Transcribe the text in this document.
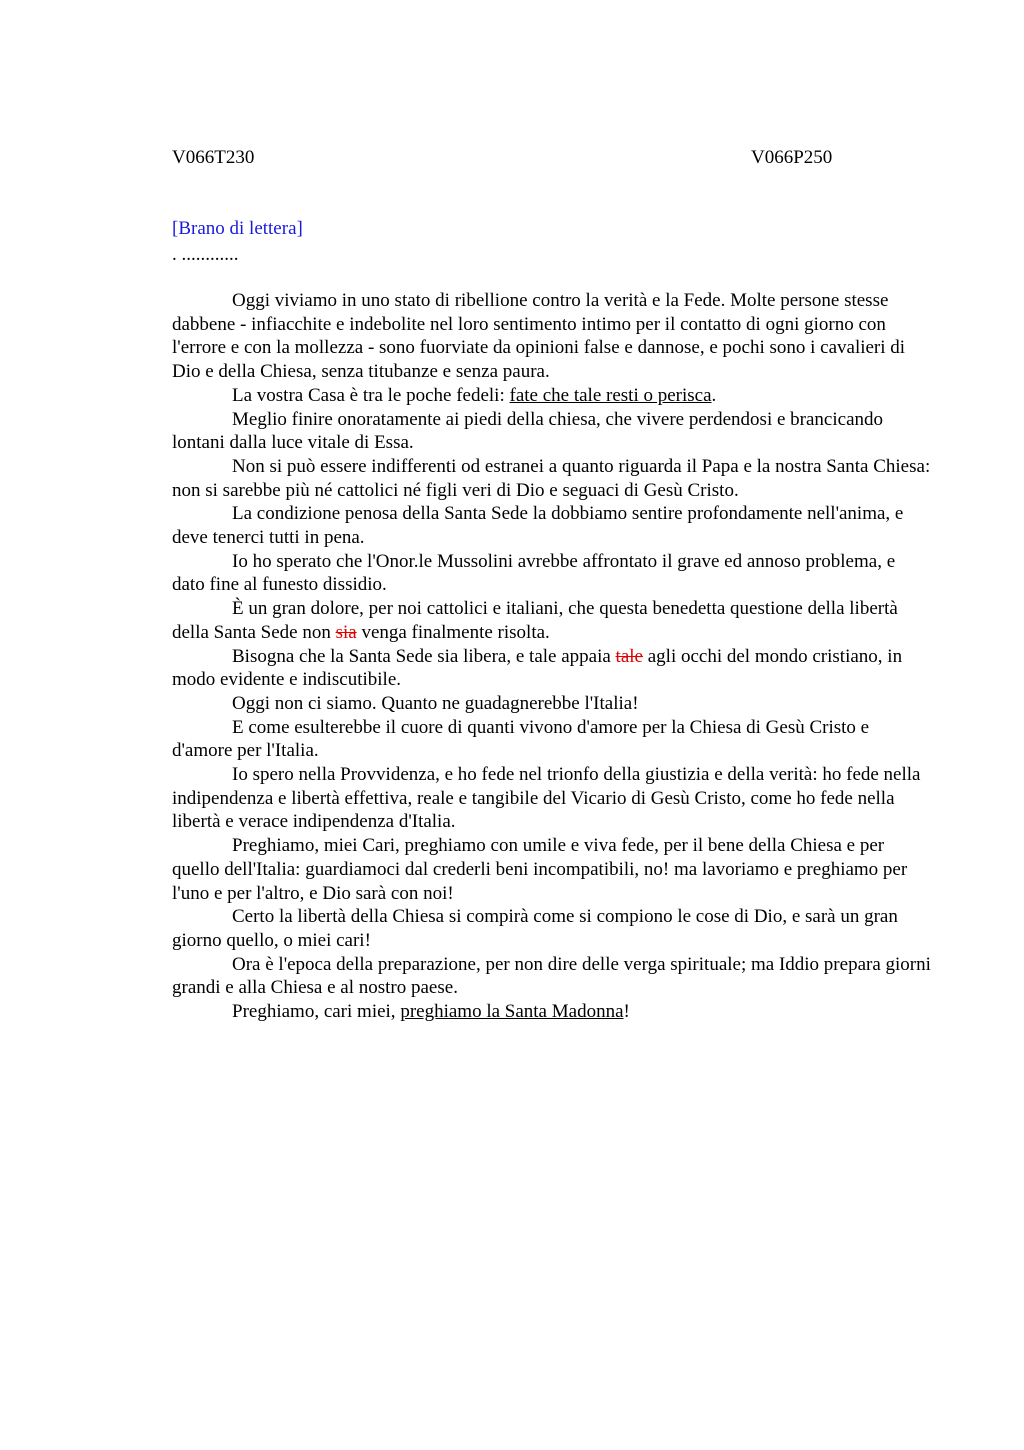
V066T230	V066P250
[Brano di lettera]
. ............

Oggi viviamo in uno stato di ribellione contro la verità e la Fede. Molte persone stesse dabbene - infiacchite e indebolite nel loro sentimento intimo per il contatto di ogni giorno con l'errore e con la mollezza - sono fuorviate da opinioni false e dannose, e pochi sono i cavalieri di Dio e della Chiesa, senza titubanze e senza paura.

La vostra Casa è tra le poche fedeli: fate che tale resti o perisca.

Meglio finire onoratamente ai piedi della chiesa, che vivere perdendosi e brancicando lontani dalla luce vitale di Essa.

Non si può essere indifferenti od estranei a quanto riguarda il Papa e la nostra Santa Chiesa: non si sarebbe più né cattolici né figli veri di Dio e seguaci di Gesù Cristo.

La condizione penosa della Santa Sede la dobbiamo sentire profondamente nell'anima, e deve tenerci tutti in pena.

Io ho sperato che l'Onor.le Mussolini avrebbe affrontato il grave ed annoso problema, e dato fine al funesto dissidio.

È un gran dolore, per noi cattolici e italiani, che questa benedetta questione della libertà della Santa Sede non sia venga finalmente risolta.

Bisogna che la Santa Sede sia libera, e tale appaia tale agli occhi del mondo cristiano, in modo evidente e indiscutibile.

Oggi non ci siamo. Quanto ne guadagnerebbe l'Italia!

E come esulterebbe il cuore di quanti vivono d'amore per la Chiesa di Gesù Cristo e d'amore per l'Italia.

Io spero nella Provvidenza, e ho fede nel trionfo della giustizia e della verità: ho fede nella indipendenza e libertà effettiva, reale e tangibile del Vicario di Gesù Cristo, come ho fede nella libertà e verace indipendenza d'Italia.

Preghiamo, miei Cari, preghiamo con umile e viva fede, per il bene della Chiesa e per quello dell'Italia: guardiamoci dal crederli beni incompatibili, no! ma lavoriamo e preghiamo per l'uno e per l'altro, e Dio sarà con noi!

Certo la libertà della Chiesa si compirà come si compiono le cose di Dio, e sarà un gran giorno quello, o miei cari!

Ora è l'epoca della preparazione, per non dire delle verga spirituale; ma Iddio prepara giorni grandi e alla Chiesa e al nostro paese.

Preghiamo, cari miei, preghiamo la Santa Madonna!
